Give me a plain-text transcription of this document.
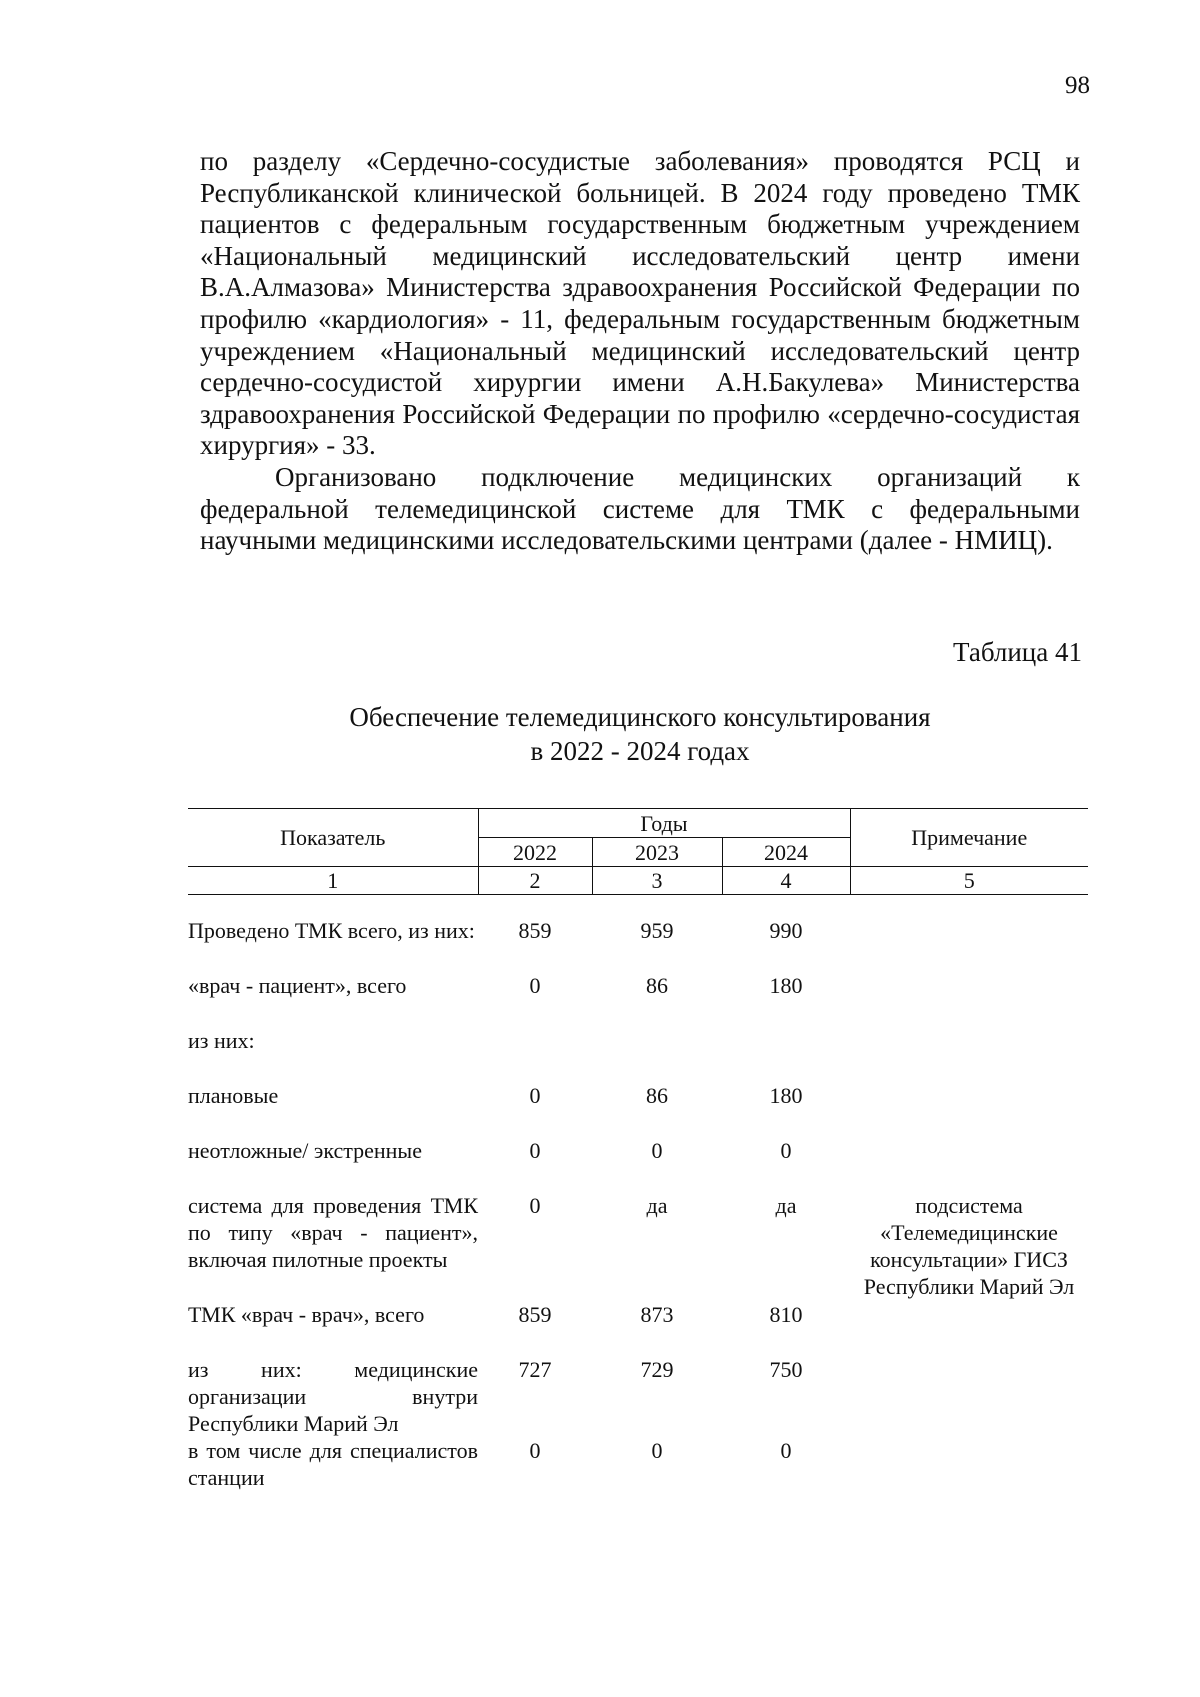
98

по разделу «Сердечно-сосудистые заболевания» проводятся РСЦ и Республиканской клинической больницей. В 2024 году проведено ТМК пациентов с федеральным государственным бюджетным учреждением «Национальный медицинский исследовательский центр имени В.А.Алмазова» Министерства здравоохранения Российской Федерации по профилю «кардиология» - 11, федеральным государственным бюджетным учреждением «Национальный медицинский исследовательский центр сердечно-сосудистой хирургии имени А.Н.Бакулева» Министерства здравоохранения Российской Федерации по профилю «сердечно-сосудистая хирургия» - 33.

Организовано подключение медицинских организаций к федеральной телемедицинской системе для ТМК с федеральными научными медицинскими исследовательскими центрами (далее - НМИЦ).

Таблица 41
Обеспечение телемедицинского консультирования
в 2022 - 2024 годах
Показатель	Годы			Примечание
	2022	2023	2024	
1	2	3	4	5

Проведено ТМК всего, из них:	859	959	990	
«врач - пациент», всего	0	86	180	
из них:				
плановые	0	86	180	
неотложные/ экстренные	0	0	0	
система для проведения ТМК по типу «врач - пациент», включая пилотные проекты	0	да	да	подсистема «Телемедицинские консультации» ГИСЗ Республики Марий Эл
ТМК «врач - врач», всего	859	873	810	
из них: медицинские организации внутри Республики Марий Эл	727	729	750	
в том числе для специалистов станции	0	0	0	
